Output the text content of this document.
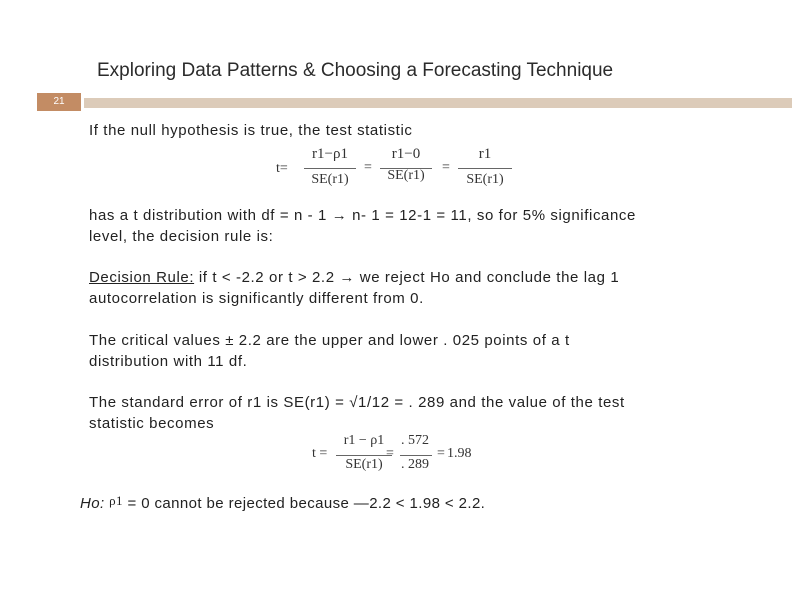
Exploring Data Patterns & Choosing a Forecasting Technique
21
If the null hypothesis is true, the test statistic
t=
r1−ρ1
SE(r1)
=
r1−0
SE(r1)
=
r1
SE(r1)
has a t distribution with df = n - 1 → n- 1 = 12-1 = 11, so for 5% significance
level, the decision rule is:
Decision Rule: if t < -2.2 or t > 2.2 → we reject Ho and conclude the lag 1
autocorrelation is significantly different from 0.
The critical values ± 2.2 are the upper and lower . 025 points of a t
distribution with 11 df.
The standard error of r1 is SE(r1) = √1/12 = . 289 and the value of the test
statistic becomes
t =
r1 − ρ1
SE(r1)
=
. 572
. 289
= 1.98
Ho: ρ1 = 0 cannot be rejected because —2.2 < 1.98 < 2.2.
